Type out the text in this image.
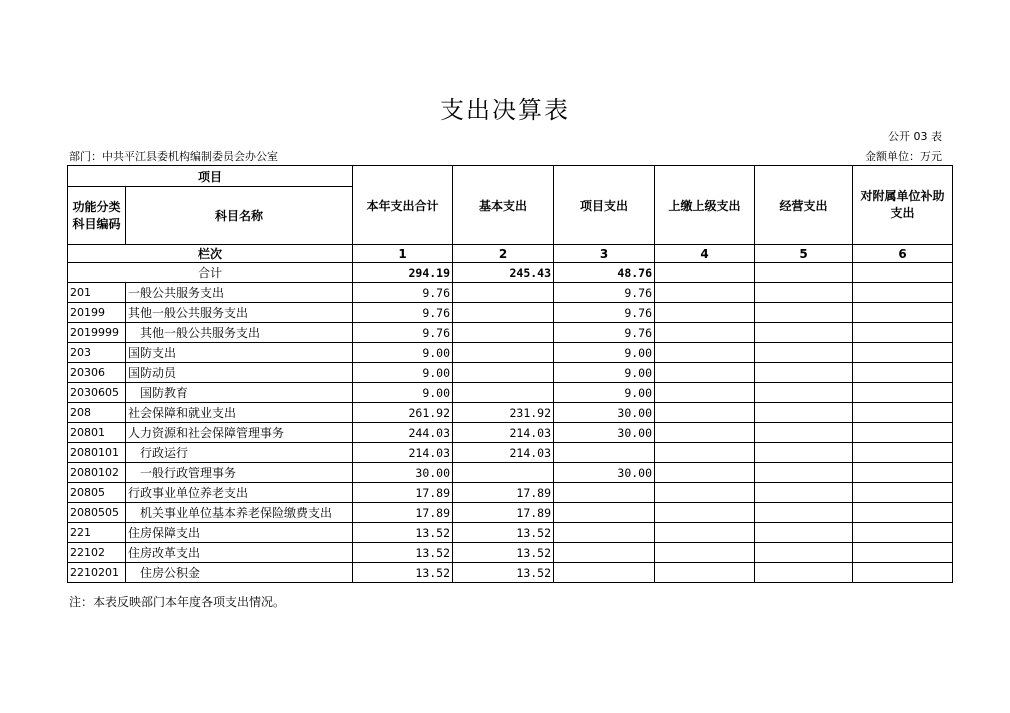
支出决算表
公开 03 表
部门：中共平江县委机构编制委员会办公室	金额单位：万元
项目		本年支出合计	基本支出	项目支出	上缴上级支出	经营支出	对附属单位补助支出
功能分类科目编码	科目名称						
栏次		1	2	3	4	5	6
合计		294.19	245.43	48.76			
201	一般公共服务支出	9.76		9.76			
20199	其他一般公共服务支出	9.76		9.76			
2019999	其他一般公共服务支出	9.76		9.76			
203	国防支出	9.00		9.00			
20306	国防动员	9.00		9.00			
2030605	国防教育	9.00		9.00			
208	社会保障和就业支出	261.92	231.92	30.00			
20801	人力资源和社会保障管理事务	244.03	214.03	30.00			
2080101	行政运行	214.03	214.03				
2080102	一般行政管理事务	30.00		30.00			
20805	行政事业单位养老支出	17.89	17.89				
2080505	机关事业单位基本养老保险缴费支出	17.89	17.89				
221	住房保障支出	13.52	13.52				
22102	住房改革支出	13.52	13.52				
2210201	住房公积金	13.52	13.52				
注：本表反映部门本年度各项支出情况。
